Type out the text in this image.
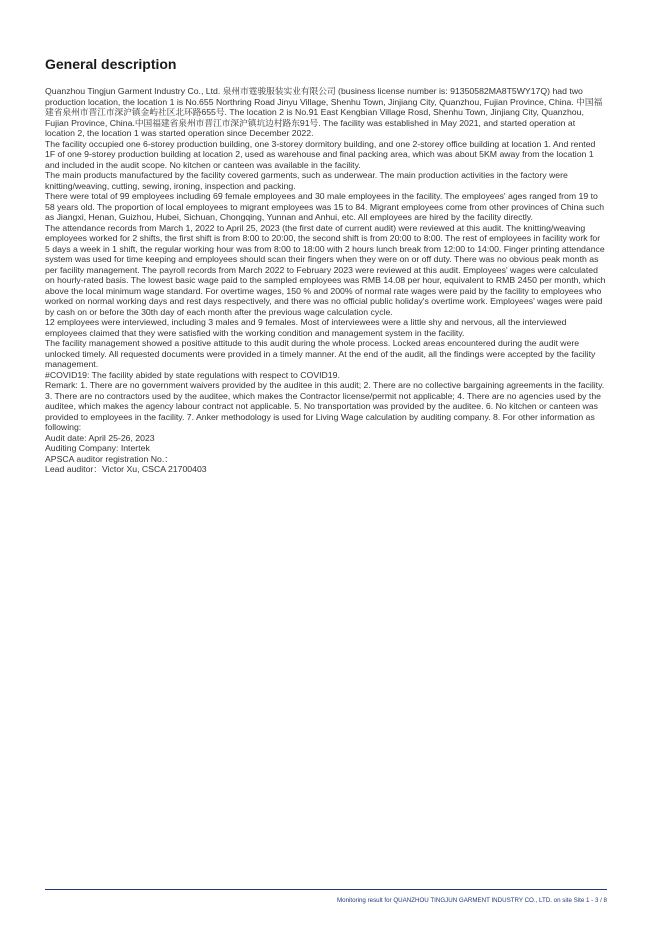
General description

Quanzhou Tingjun Garment Industry Co., Ltd. 泉州市霆骏服装实业有限公司 (business license number is: 91350582MA8T5WY17Q) had two production location, the location 1 is No.655 Northring Road Jinyu Village, Shenhu Town, Jinjiang City, Quanzhou, Fujian Province, China. 中国福建省泉州市晋江市深沪镇金屿社区北环路655号. The location 2 is No.91 East Kengbian Village Rosd, Shenhu Town, Jinjiang City, Quanzhou, Fujian Province, China.中国福建省泉州市晋江市深沪镇坑边村路东91号. The facility was established in May 2021, and started operation at location 2, the location 1 was started operation since December 2022.

The facility occupied one 6-storey production building, one 3-storey dormitory building, and one 2-storey office building at location 1. And rented 1F of one 9-storey production building at location 2, used as warehouse and final packing area, which was about 5KM away from the location 1 and included in the audit scope. No kitchen or canteen was available in the facility.

The main products manufactured by the facility covered garments, such as underwear. The main production activities in the factory were knitting/weaving, cutting, sewing, ironing, inspection and packing.

There were total of 99 employees including 69 female employees and 30 male employees in the facility. The employees' ages ranged from 19 to 58 years old. The proportion of local employees to migrant employees was 15 to 84. Migrant employees come from other provinces of China such as Jiangxi, Henan, Guizhou, Hubei, Sichuan, Chongqing, Yunnan and Anhui, etc. All employees are hired by the facility directly.

The attendance records from March 1, 2022 to April 25, 2023 (the first date of current audit) were reviewed at this audit. The knitting/weaving employees worked for 2 shifts, the first shift is from 8:00 to 20:00, the second shift is from 20:00 to 8:00. The rest of employees in facility work for 5 days a week in 1 shift, the regular working hour was from 8:00 to 18:00 with 2 hours lunch break from 12:00 to 14:00. Finger printing attendance system was used for time keeping and employees should scan their fingers when they were on or off duty. There was no obvious peak month as per facility management. The payroll records from March 2022 to February 2023 were reviewed at this audit. Employees' wages were calculated on hourly-rated basis. The lowest basic wage paid to the sampled employees was RMB 14.08 per hour, equivalent to RMB 2450 per month, which above the local minimum wage standard. For overtime wages, 150 % and 200% of normal rate wages were paid by the facility to employees who worked on normal working days and rest days respectively, and there was no official public holiday's overtime work. Employees' wages were paid by cash on or before the 30th day of each month after the previous wage calculation cycle.

12 employees were interviewed, including 3 males and 9 females. Most of interviewees were a little shy and nervous, all the interviewed employees claimed that they were satisfied with the working condition and management system in the facility.

The facility management showed a positive attitude to this audit during the whole process. Locked areas encountered during the audit were unlocked timely. All requested documents were provided in a timely manner. At the end of the audit, all the findings were accepted by the facility management.

#COVID19: The facility abided by state regulations with respect to COVID19.

Remark: 1. There are no government waivers provided by the auditee in this audit; 2. There are no collective bargaining agreements in the facility. 3. There are no contractors used by the auditee, which makes the Contractor license/permit not applicable; 4. There are no agencies used by the auditee, which makes the agency labour contract not applicable. 5. No transportation was provided by the auditee. 6. No kitchen or canteen was provided to employees in the facility. 7. Anker methodology is used for Living Wage calculation by auditing company. 8. For other information as following:

Audit date: April 25-26, 2023

Auditing Company: Intertek

APSCA auditor registration No.：

Lead auditor：Victor Xu, CSCA 21700403

Monitoring result for QUANZHOU TINGJUN GARMENT INDUSTRY CO., LTD. on site Site 1 - 3 / 8
